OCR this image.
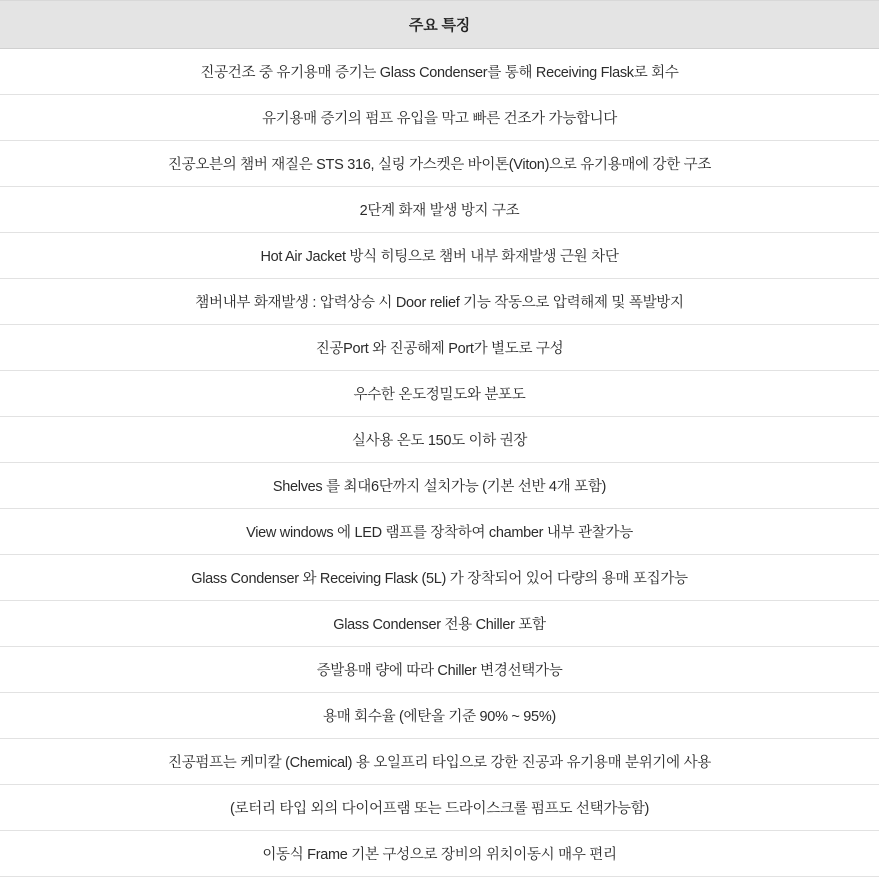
주요 특징
진공건조 중 유기용매 증기는 Glass Condenser를 통해 Receiving Flask로 회수
유기용매 증기의 펌프 유입을 막고 빠른 건조가 가능합니다
진공오븐의 챔버 재질은 STS 316, 실링 가스켓은 바이톤(Viton)으로 유기용매에 강한 구조
2단계 화재 발생 방지 구조
Hot Air Jacket 방식 히팅으로 챔버 내부 화재발생 근원 차단
챔버내부 화재발생 : 압력상승 시 Door relief 기능 작동으로 압력해제 및 폭발방지
진공Port 와 진공해제 Port가 별도로 구성
우수한 온도정밀도와 분포도
실사용 온도 150도 이하 권장
Shelves 를 최대6단까지 설치가능 (기본 선반 4개 포함)
View windows 에 LED 램프를 장착하여 chamber 내부 관찰가능
Glass Condenser 와 Receiving Flask (5L) 가 장착되어 있어 다량의 용매 포집가능
Glass Condenser 전용 Chiller 포함
증발용매 량에 따라 Chiller 변경선택가능
용매 회수율 (에탄올 기준 90% ~ 95%)
진공펌프는 케미칼 (Chemical) 용 오일프리 타입으로 강한 진공과 유기용매 분위기에 사용
(로터리 타입 외의 다이어프램 또는 드라이스크롤 펌프도 선택가능함)
이동식 Frame 기본 구성으로 장비의 위치이동시 매우 편리
